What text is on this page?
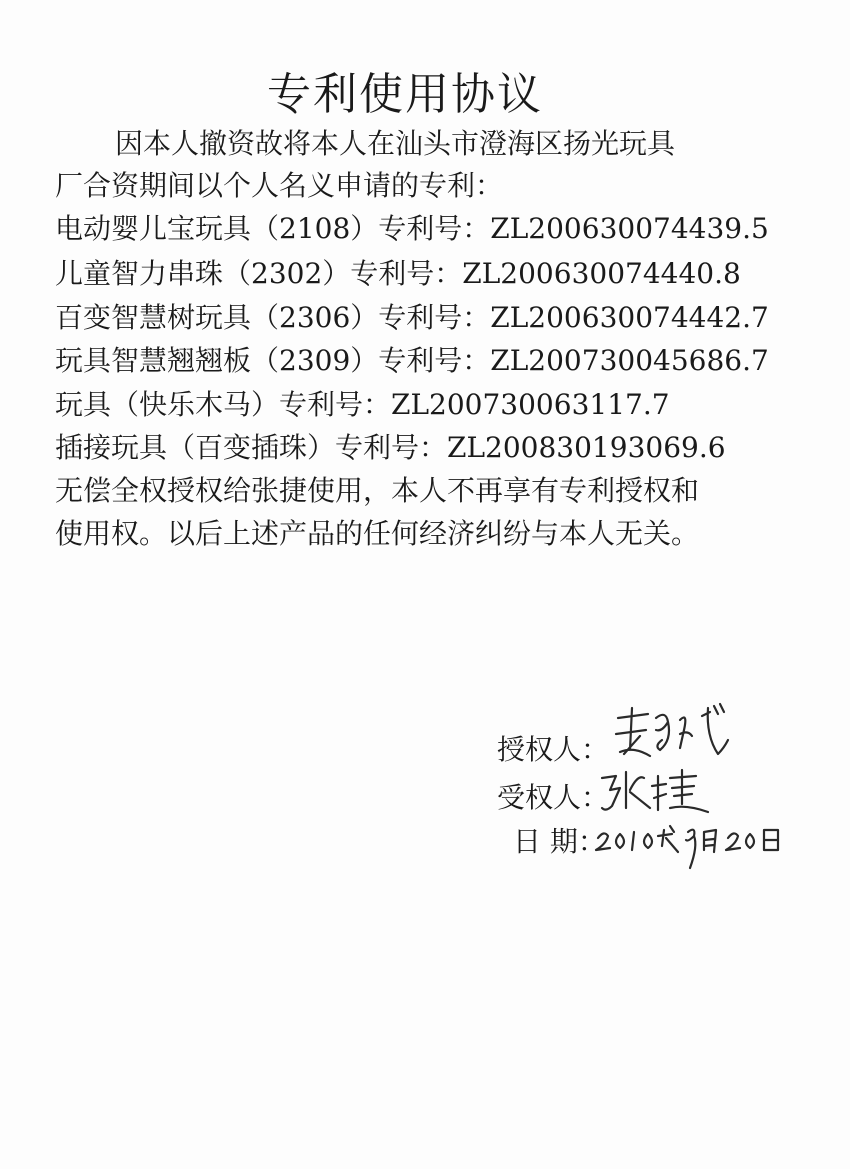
专利使用协议

因本人撤资故将本人在汕头市澄海区扬光玩具

厂合资期间以个人名义申请的专利：

电动婴儿宝玩具（2108）专利号：ZL200630074439.5

儿童智力串珠（2302）专利号：ZL200630074440.8

百变智慧树玩具（2306）专利号：ZL200630074442.7

玩具智慧翘翘板（2309）专利号：ZL200730045686.7

玩具（快乐木马）专利号：ZL200730063117.7

插接玩具（百变插珠）专利号：ZL200830193069.6

无偿全权授权给张捷使用，本人不再享有专利授权和

使用权。以后上述产品的任何经济纠纷与本人无关。

授权人：
受权人：
日 期：
